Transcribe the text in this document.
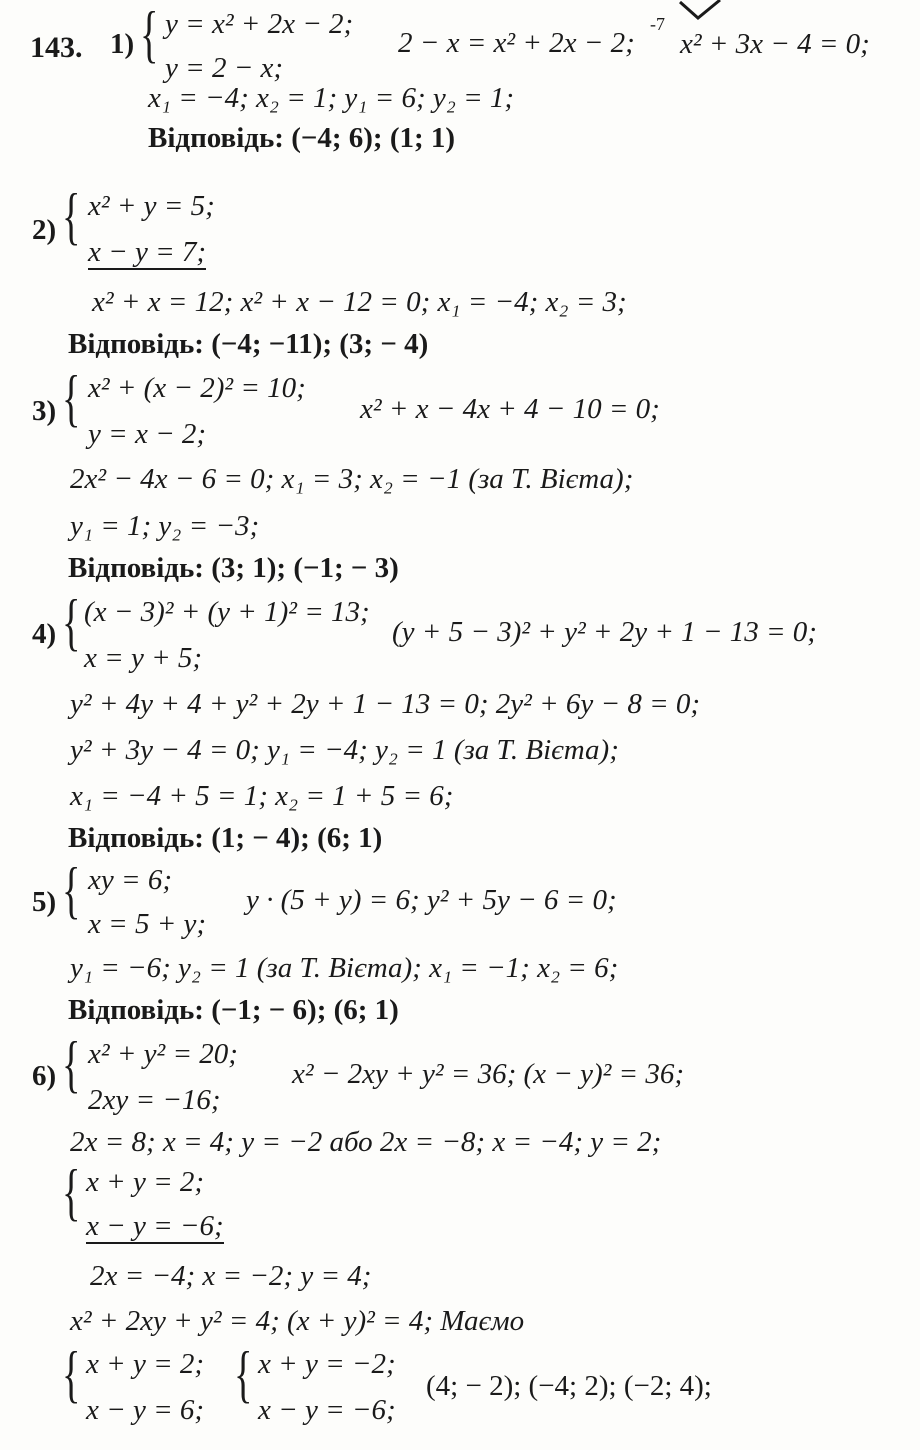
143. 1) { y = x² + 2x − 2;
y = 2 − x;
2 − x = x² + 2x − 2;
-7
x² + 3x − 4 = 0;
x₁ = −4; x₂ = 1; y₁ = 6; y₂ = 1;
Відповідь: (−4; 6); (1; 1)
2) { x² + y = 5;
x − y = 7;
x² + x = 12; x² + x − 12 = 0; x₁ = −4; x₂ = 3;
Відповідь: (−4; −11); (3; − 4)
3) { x² + (x − 2)² = 10;
y = x − 2;
x² + x − 4x + 4 − 10 = 0;
2x² − 4x − 6 = 0; x₁ = 3; x₂ = −1 (за Т. Вієта);
y₁ = 1; y₂ = −3;
Відповідь: (3; 1); (−1; − 3)
4) { (x − 3)² + (y + 1)² = 13;
x = y + 5;
(y + 5 − 3)² + y² + 2y + 1 − 13 = 0;
y² + 4y + 4 + y² + 2y + 1 − 13 = 0; 2y² + 6y − 8 = 0;
y² + 3y − 4 = 0; y₁ = −4; y₂ = 1 (за Т. Вієта);
x₁ = −4 + 5 = 1; x₂ = 1 + 5 = 6;
Відповідь: (1; − 4); (6; 1)
5) { xy = 6;
x = 5 + y;
y · (5 + y) = 6; y² + 5y − 6 = 0;
y₁ = −6; y₂ = 1 (за Т. Вієта); x₁ = −1; x₂ = 6;
Відповідь: (−1; − 6); (6; 1)
6) { x² + y² = 20;
2xy = −16;
x² − 2xy + y² = 36; (x − y)² = 36;
2x = 8; x = 4; y = −2 або 2x = −8; x = −4; y = 2;
{ x + y = 2;
x − y = −6;
2x = −4; x = −2; y = 4;
x² + 2xy + y² = 4; (x + y)² = 4; Маємо
{ x + y = 2;
x − y = 6;
{ x + y = −2;
x − y = −6;
(4; − 2); (−4; 2); (−2; 4);
